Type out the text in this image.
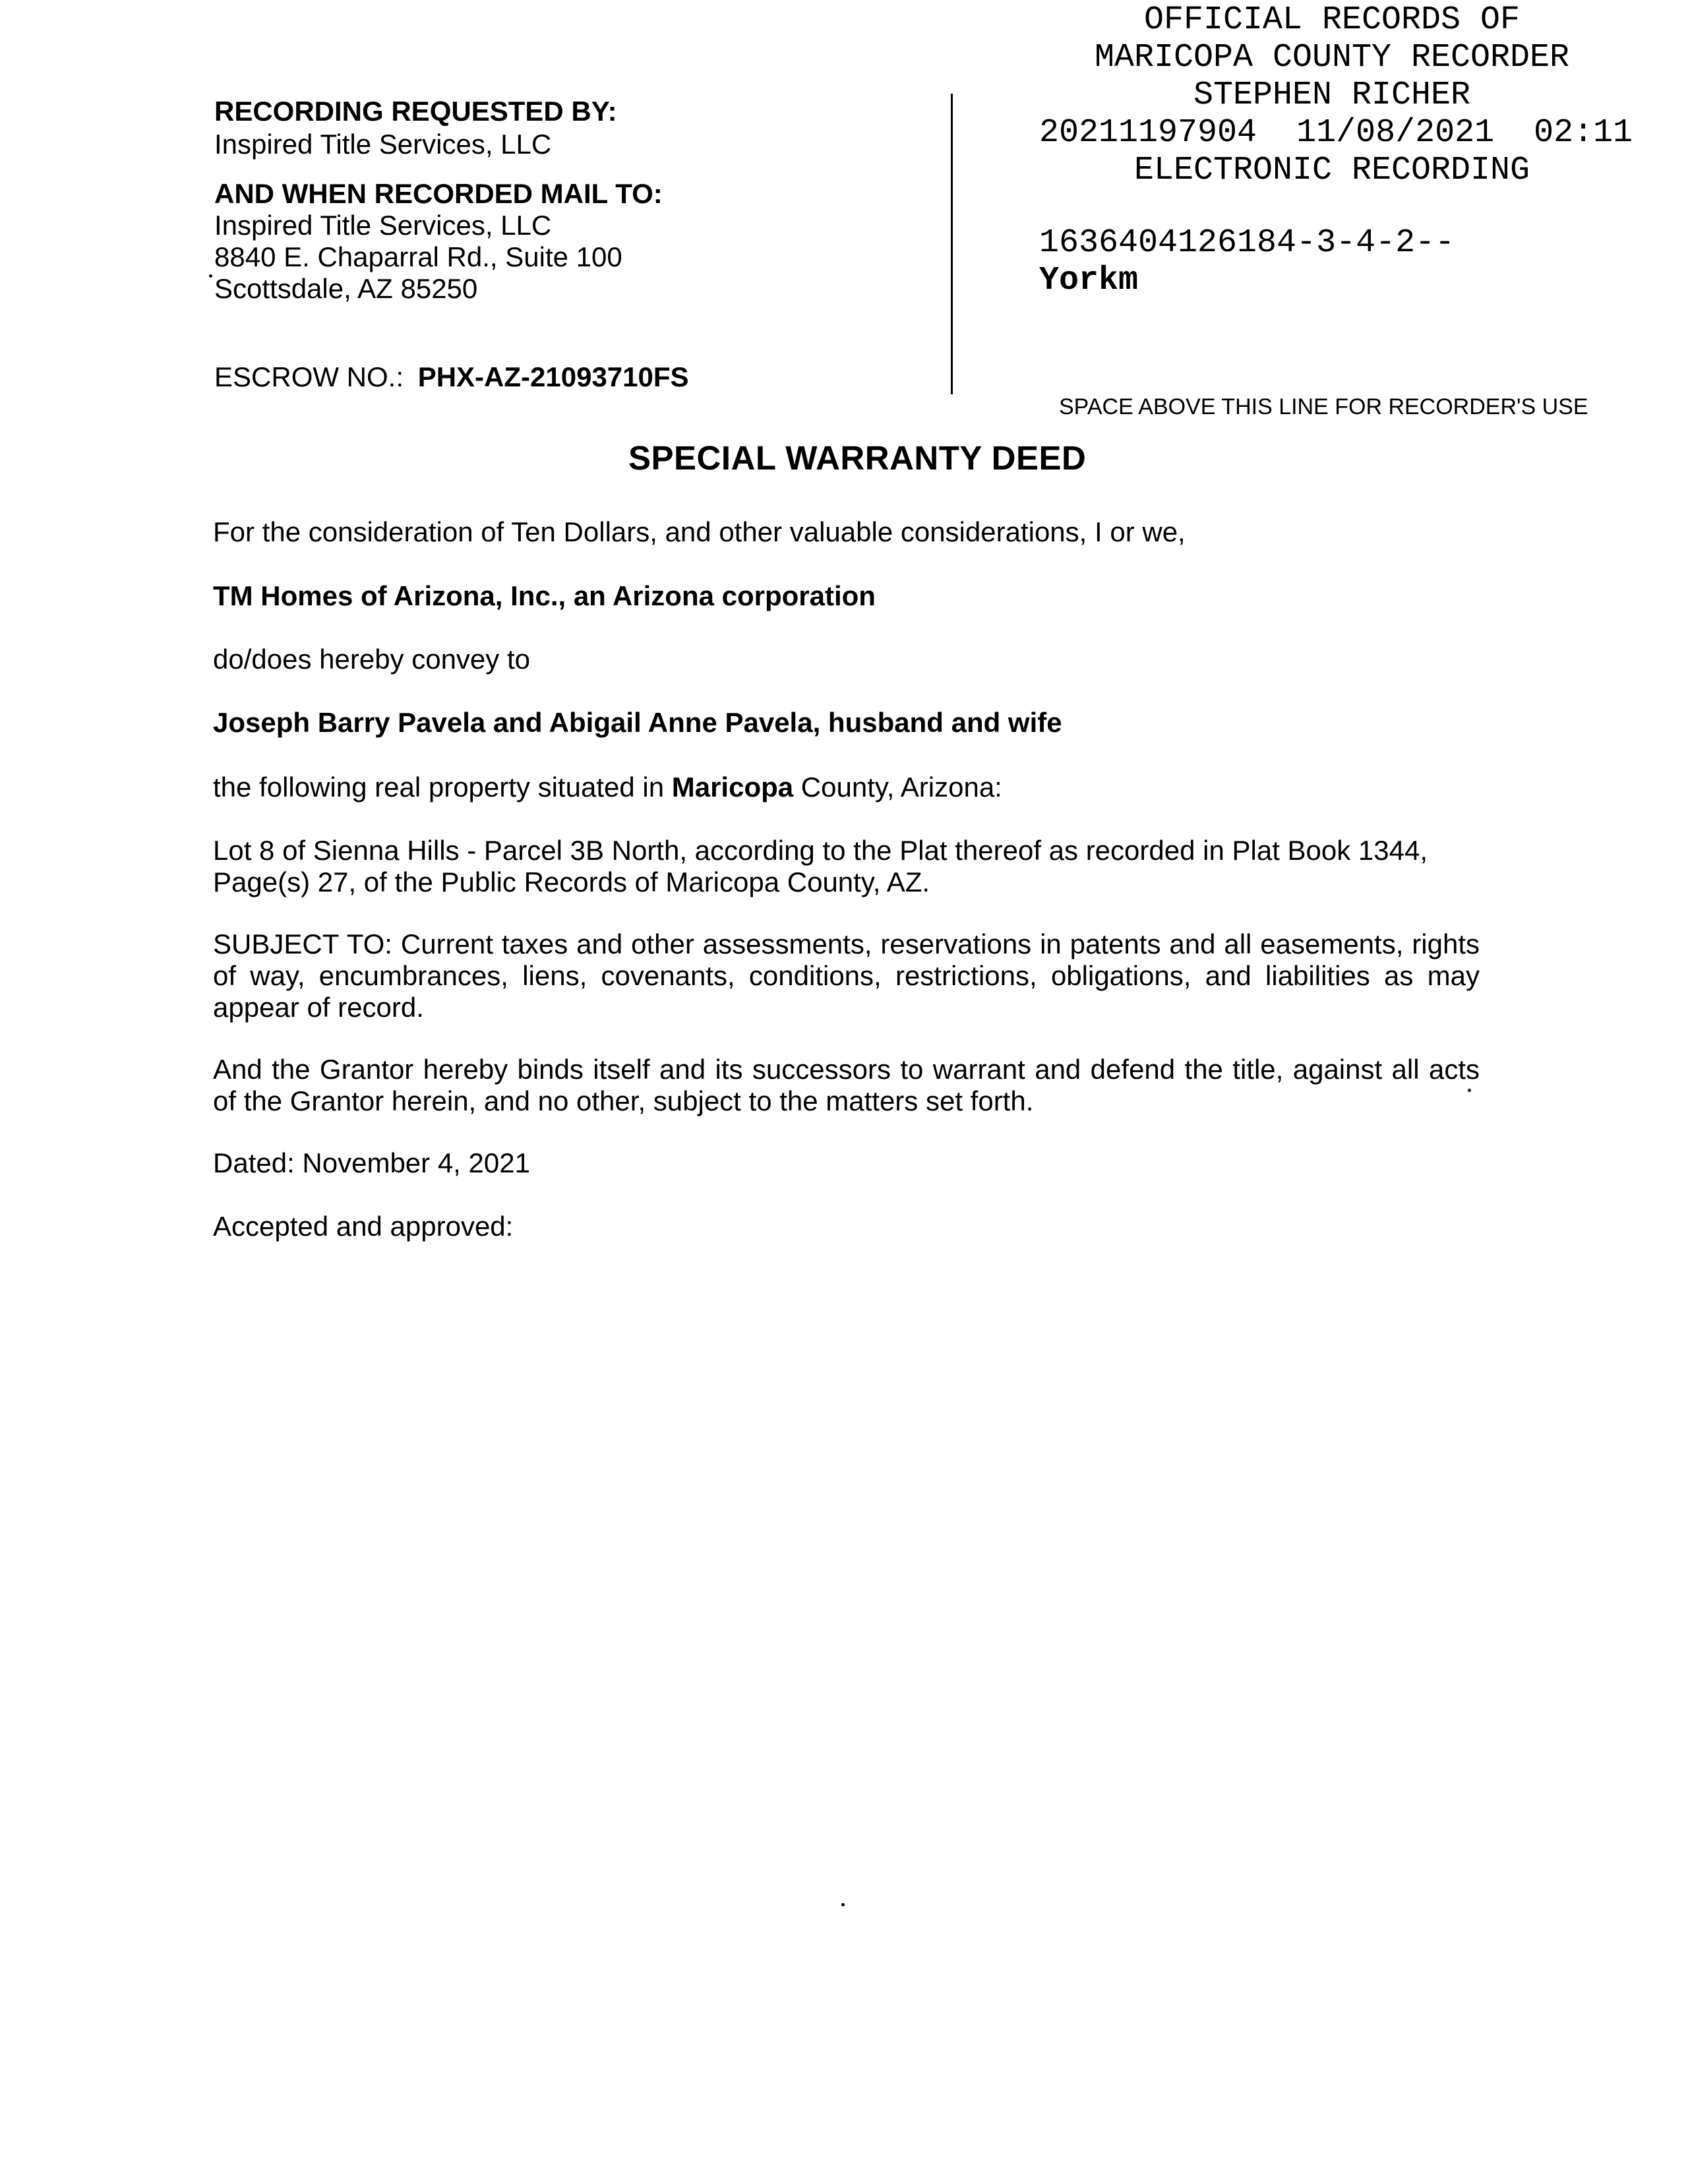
RECORDING REQUESTED BY:
Inspired Title Services, LLC
AND WHEN RECORDED MAIL TO:
Inspired Title Services, LLC
8840 E. Chaparral Rd., Suite 100
Scottsdale, AZ 85250
ESCROW NO.: PHX-AZ-21093710FS
OFFICIAL RECORDS OF
MARICOPA COUNTY RECORDER
STEPHEN RICHER
20211197904 11/08/2021 02:11
ELECTRONIC RECORDING
1636404126184-3-4-2--
Yorkm
SPACE ABOVE THIS LINE FOR RECORDER'S USE
SPECIAL WARRANTY DEED
For the consideration of Ten Dollars, and other valuable considerations, I or we,
TM Homes of Arizona, Inc., an Arizona corporation
do/does hereby convey to
Joseph Barry Pavela and Abigail Anne Pavela, husband and wife
the following real property situated in Maricopa County, Arizona:
Lot 8 of Sienna Hills - Parcel 3B North, according to the Plat thereof as recorded in Plat Book 1344,
Page(s) 27, of the Public Records of Maricopa County, AZ.
SUBJECT TO: Current taxes and other assessments, reservations in patents and all easements, rights of way, encumbrances, liens, covenants, conditions, restrictions, obligations, and liabilities as may appear of record.
And the Grantor hereby binds itself and its successors to warrant and defend the title, against all acts of the Grantor herein, and no other, subject to the matters set forth.
Dated: November 4, 2021
Accepted and approved:
